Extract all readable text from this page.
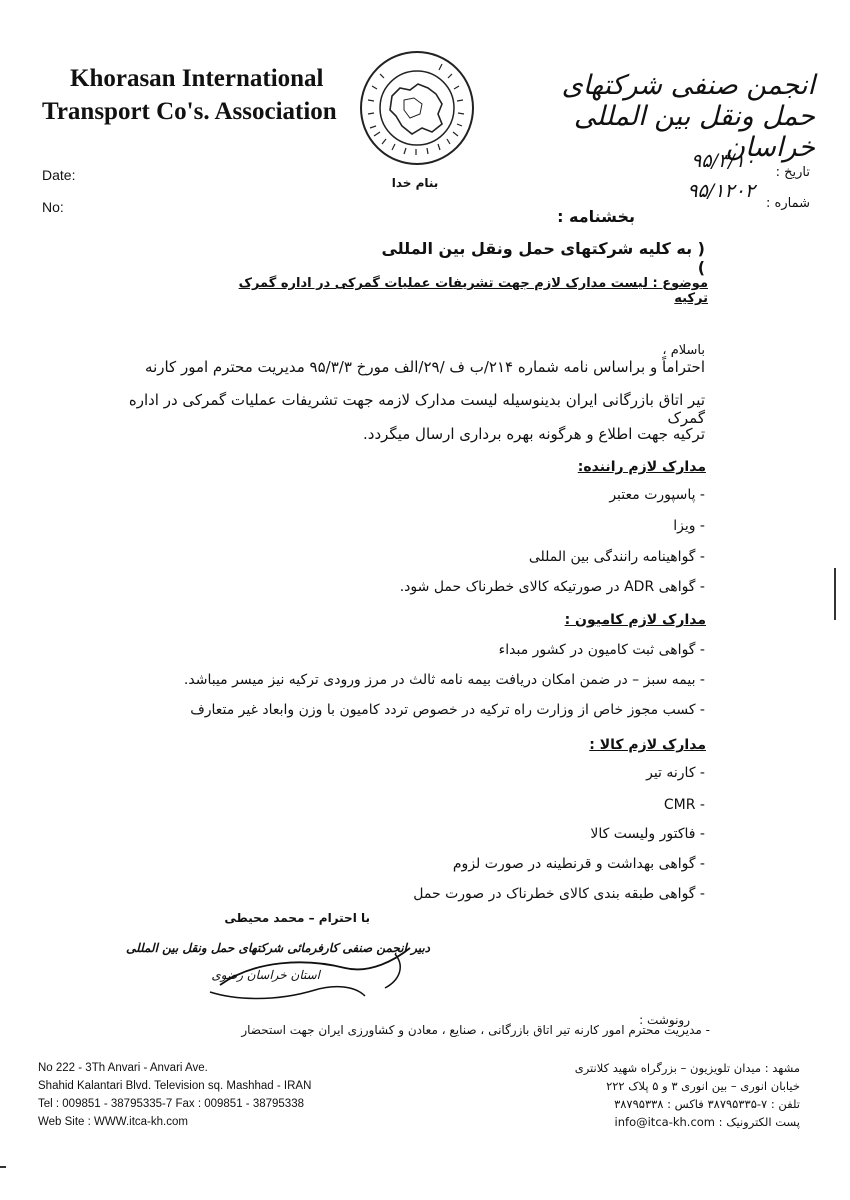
Khorasan International
Transport Co's. Association
بنام خدا
انجمن صنفی شرکتهای حمل ونقل بین المللی خراسان
Date:
No:
تاریخ :
شماره :
۹۵/۳/۱۰
۹۵/۱۲۰۲
بخشنامه :
( به کلیه شرکتهای حمل ونقل بین المللی )
موضوع : لیست مدارک لازم جهت تشریفات عملیات گمرکی در اداره گمرک ترکیه
باسلام ،
احتراماً و براساس نامه شماره ۲۱۴/ب ف /۲۹/الف مورخ ۹۵/۳/۳ مدیریت محترم امور کارنه
تیر اتاق بازرگانی ایران بدینوسیله لیست مدارک لازمه جهت تشریفات عملیات گمرکی در اداره گمرک
ترکیه جهت اطلاع و هرگونه بهره برداری ارسال میگردد.
مدارک لازم راننده:
- پاسپورت معتبر
- ویزا
- گواهینامه رانندگی بین المللی
- گواهی ADR در صورتیکه کالای خطرناک حمل شود.
مدارک لازم کامیون :
- گواهی ثبت کامیون در کشور مبداء
- بیمه سبز – در ضمن امکان دریافت بیمه نامه ثالث در مرز ورودی ترکیه نیز میسر میباشد.
- کسب مجوز خاص از وزارت راه ترکیه در خصوص تردد کامیون با وزن وابعاد غیر متعارف
مدارک لازم کالا :
- کارنه تیر
- CMR
- فاکتور ولیست کالا
- گواهی بهداشت و قرنطینه در صورت لزوم
- گواهی طبقه بندی کالای خطرناک در صورت حمل
با احترام – محمد محیطی
دبیر انجمن صنفی کارفرمائی شرکتهای حمل ونقل بین المللی
استان خراسان رضوی
رونوشت :
- مدیریت محترم امور کارنه تیر اتاق بازرگانی ، صنایع ، معادن و کشاورزی ایران جهت استحضار
No 222 - 3Th Anvari - Anvari Ave.
Shahid Kalantari Blvd. Television sq. Mashhad - IRAN
Tel : 009851 - 38795335-7 Fax : 009851 - 38795338
Web Site : WWW.itca-kh.com
مشهد : میدان تلویزیون – بزرگراه شهید کلانتری
خیابان انوری – بین انوری ۳ و ۵ پلاک ۲۲۲
تلفن : ۷-۳۸۷۹۵۳۳۵ فاکس : ۳۸۷۹۵۳۳۸
پست الکترونیک : info@itca-kh.com
